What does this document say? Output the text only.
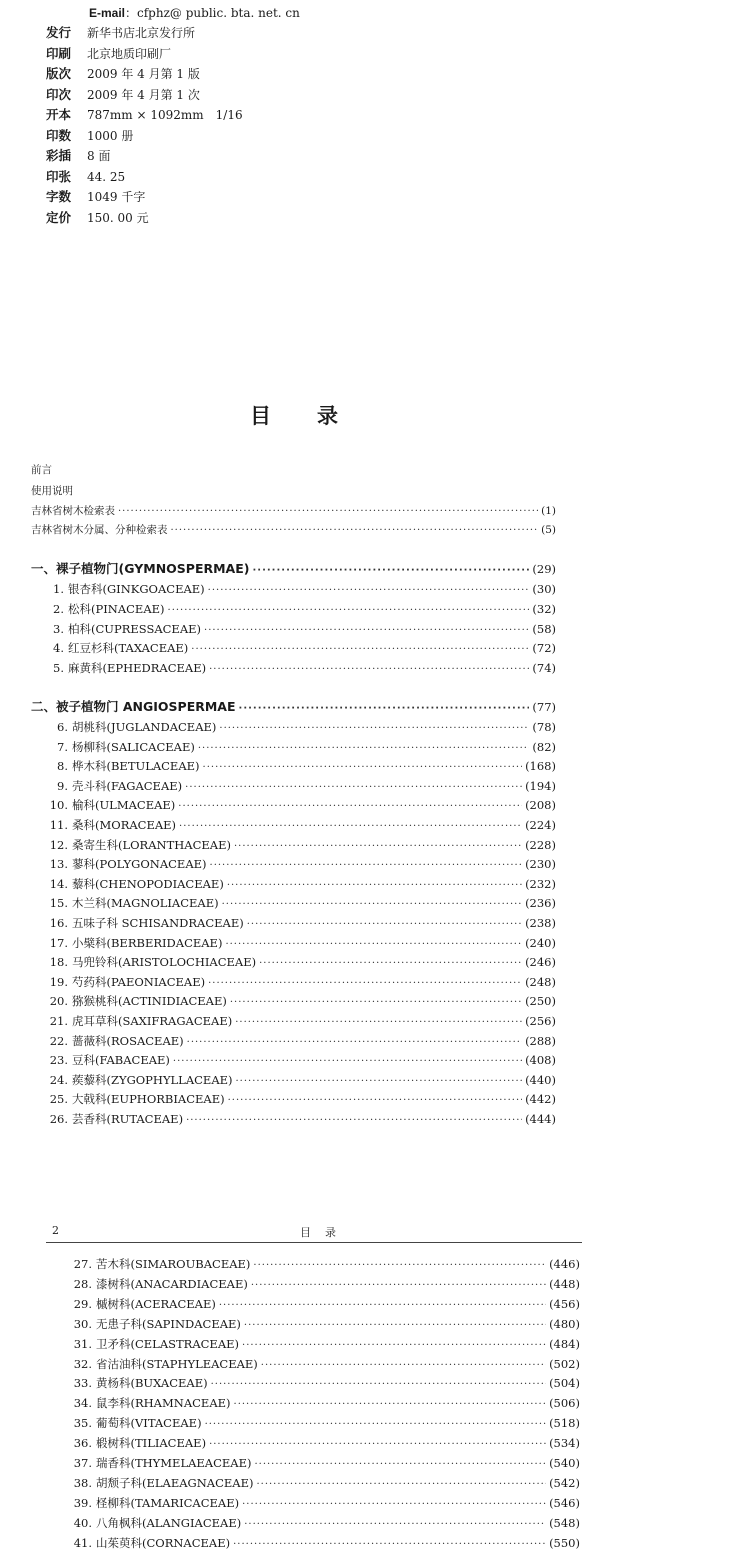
E-mail：cfphz@ public. bta. net. cn
发行 新华书店北京发行所
印刷 北京地质印刷厂
版次 2009 年 4 月第 1 版
印次 2009 年 4 月第 1 次
开本 787mm × 1092mm　1/16
印数 1000 册
彩插 8 面
印张 44. 25
字数 1049 千字
定价 150. 00 元
目录
前言
使用说明
吉林省树木检索表 ·····	(1)
吉林省树木分属、分种检索表 ·····	(5)
一、裸子植物门(GYMNOSPERMAE) ·····	(29)
1. 银杏科(GINKGOACEAE) ·····	(30)
2. 松科(PINACEAE) ·····	(32)
3. 柏科(CUPRESSACEAE) ·····	(58)
4. 红豆杉科(TAXACEAE) ·····	(72)
5. 麻黄科(EPHEDRACEAE) ·····	(74)
二、被子植物门 ANGIOSPERMAE ·····	(77)
6. 胡桃科(JUGLANDACEAE) ·····	(78)
7. 杨柳科(SALICACEAE) ·····	(82)
8. 桦木科(BETULACEAE) ·····	(168)
9. 壳斗科(FAGACEAE) ·····	(194)
10. 榆科(ULMACEAE) ·····	(208)
11. 桑科(MORACEAE) ·····	(224)
12. 桑寄生科(LORANTHACEAE) ·····	(228)
13. 蓼科(POLYGONACEAE) ·····	(230)
14. 藜科(CHENOPODIACEAE) ·····	(232)
15. 木兰科(MAGNOLIACEAE) ·····	(236)
16. 五味子科 SCHISANDRACEAE) ·····	(238)
17. 小檗科(BERBERIDACEAE) ·····	(240)
18. 马兜铃科(ARISTOLOCHIACEAE) ·····	(246)
19. 芍药科(PAEONIACEAE) ·····	(248)
20. 猕猴桃科(ACTINIDIACEAE) ·····	(250)
21. 虎耳草科(SAXIFRAGACEAE) ·····	(256)
22. 蔷薇科(ROSACEAE) ·····	(288)
23. 豆科(FABACEAE) ·····	(408)
24. 蒺藜科(ZYGOPHYLLACEAE) ·····	(440)
25. 大戟科(EUPHORBIACEAE) ·····	(442)
26. 芸香科(RUTACEAE) ·····	(444)
2	目录
27. 苦木科(SIMAROUBACEAE) ·····	(446)
28. 漆树科(ANACARDIACEAE) ·····	(448)
29. 槭树科(ACERACEAE) ·····	(456)
30. 无患子科(SAPINDACEAE) ·····	(480)
31. 卫矛科(CELASTRACEAE) ·····	(484)
32. 省沽油科(STAPHYLEACEAE) ·····	(502)
33. 黄杨科(BUXACEAE) ·····	(504)
34. 鼠李科(RHAMNACEAE) ·····	(506)
35. 葡萄科(VITACEAE) ·····	(518)
36. 椴树科(TILIACEAE) ·····	(534)
37. 瑞香科(THYMELAEACEAE) ·····	(540)
38. 胡颓子科(ELAEAGNACEAE) ·····	(542)
39. 柽柳科(TAMARICACEAE) ·····	(546)
40. 八角枫科(ALANGIACEAE) ·····	(548)
41. 山茱萸科(CORNACEAE) ·····	(550)
